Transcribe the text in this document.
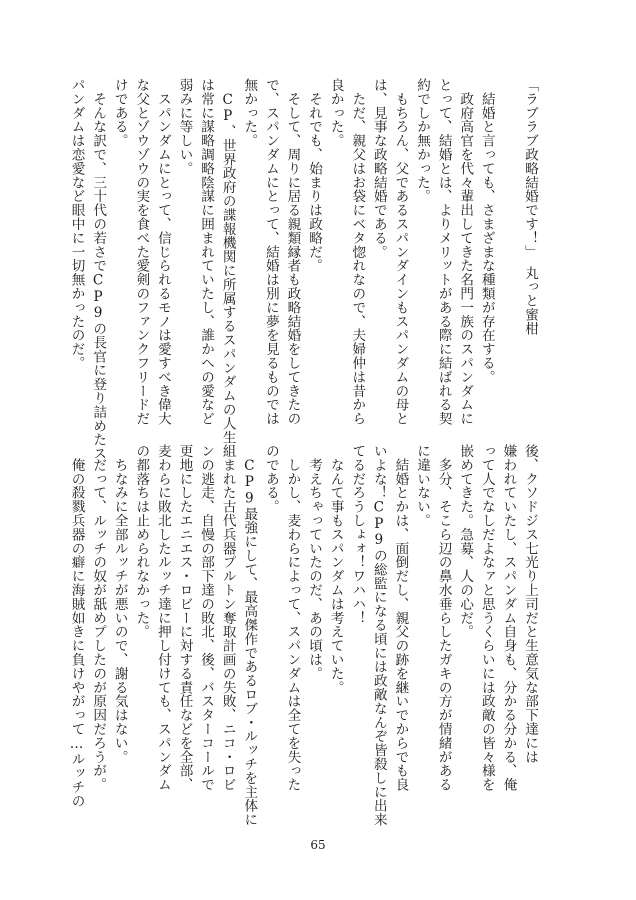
「ラブラブ政略結婚です！」　丸っと蜜柑

　結婚と言っても、さまざまな種類が存在する。
　政府高官を代々輩出してきた名門一族のスパンダムに
とって、結婚とは、よりメリットがある際に結ばれる契
約でしか無かった。
　もちろん、父であるスパンダインもスパンダムの母と
は、見事な政略結婚である。
　ただ、親父はお袋にベタ惚れなので、夫婦仲は昔から
良かった。
　それでも、始まりは政略だ。
　そして、周りに居る親類縁者も政略結婚をしてきたの
で、スパンダムにとって、結婚は別に夢を見るものでは
無かった。
　CP、世界政府の諜報機関に所属するスパンダムの人生
は常に謀略調略陰謀に囲まれていたし、誰かへの愛など
弱みに等しい。
　スパンダムにとって、信じられるモノは愛すべき偉大
な父とゾウゾウの実を食べた愛剣のファンクフリードだ
けである。
　そんな訳で、三十代の若さでCP9の長官に登り詰めたス
パンダムは恋愛など眼中に一切無かったのだ。
後、クソドジス七光り上司だと生意気な部下達には
嫌われていたし、スパンダム自身も、分かる分かる、俺
って人でなしだよなァと思うくらいには政敵の皆々様を
嵌めてきた。急募、人の心だ。
　多分、そこら辺の鼻水垂らしたガキの方が情緒がある
に違いない。
　結婚とかは、面倒だし、親父の跡を継いでからでも良
いよな！CP9の総監になる頃には政敵なんぞ皆殺しに出来
てるだろうしょォ！ワハハ！
　なんて事もスパンダムは考えていた。
　考えちゃっていたのだ、あの頃は。
　しかし、麦わらによって、スパンダムは全てを失った
のである。
　CP9最強にして、最高傑作であるロブ・ルッチを主体に
組まれた古代兵器プルトン奪取計画の失敗、ニコ・ロビ
ンの逃走、自慢の部下達の敗北、後、バスターコールで
更地にしたエニエス・ロビーに対する責任などを全部、
麦わらに敗北したルッチ達に押し付けても、スパンダム
の都落ちは止められなかった。
　ちなみに全部ルッチが悪いので、謝る気はない。
　だって、ルッチの奴が舐めプしたのが原因だろうが。
　俺の殺戮兵器の癖に海賊如きに負けやがって…ルッチの
65
